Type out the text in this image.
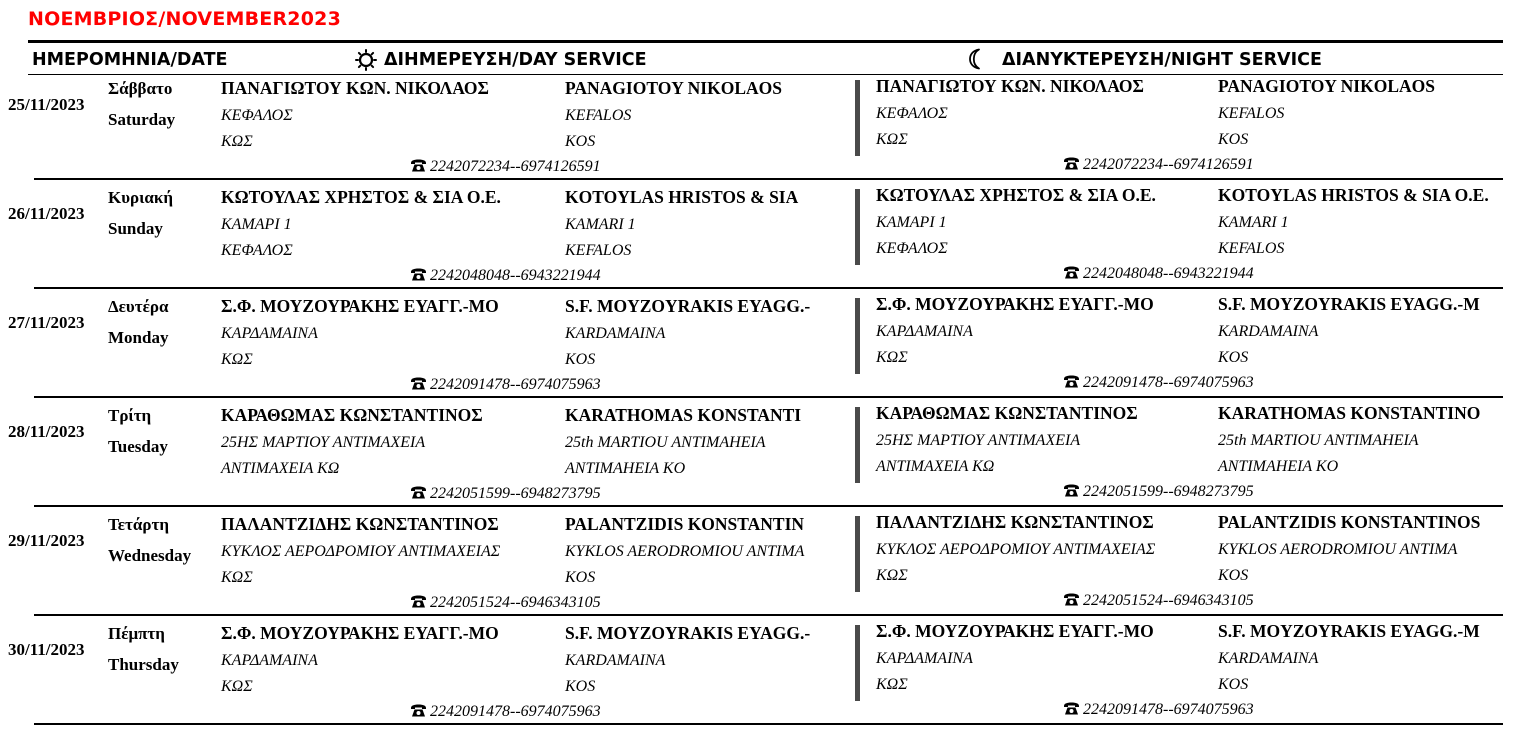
ΝΟΕΜΒΡΙΟΣ/NOVEMBER2023
ΗΜΕΡΟΜΗΝΙΑ/DATE	ΔΙΗΜΕΡΕΥΣΗ/DAY SERVICE	ΔΙΑΝΥΚΤΕΡΕΥΣΗ/NIGHT SERVICE
25/11/2023
Σάββατο
Saturday
ΠΑΝΑΓΙΩΤΟΥ ΚΩΝ. ΝΙΚΟΛΑΟΣ	PANAGIOTOY NIKOLAOS
ΚΕΦΑΛΟΣ	KEFALOS
ΚΩΣ	KOS
2242072234--6974126591
ΠΑΝΑΓΙΩΤΟΥ ΚΩΝ. ΝΙΚΟΛΑΟΣ	PANAGIOTOY NIKOLAOS
ΚΕΦΑΛΟΣ	KEFALOS
ΚΩΣ	KOS
2242072234--6974126591
26/11/2023
Κυριακή
Sunday
ΚΩΤΟΥΛΑΣ ΧΡΗΣΤΟΣ & ΣΙΑ Ο.Ε.	KOTOYLAS HRISTOS & SIA
ΚΑΜΑΡΙ 1	KAMARI 1
ΚΕΦΑΛΟΣ	KEFALOS
2242048048--6943221944
ΚΩΤΟΥΛΑΣ ΧΡΗΣΤΟΣ & ΣΙΑ Ο.Ε.	KOTOYLAS HRISTOS & SIA O.E.
ΚΑΜΑΡΙ 1	KAMARI 1
ΚΕΦΑΛΟΣ	KEFALOS
2242048048--6943221944
27/11/2023
Δευτέρα
Monday
Σ.Φ. ΜΟΥΖΟΥΡΑΚΗΣ ΕΥΑΓΓ.-ΜΟ	S.F. MOYZOYRAKIS EYAGG.-
ΚΑΡΔΑΜΑΙΝΑ	KARDAMAINA
ΚΩΣ	KOS
2242091478--6974075963
Σ.Φ. ΜΟΥΖΟΥΡΑΚΗΣ ΕΥΑΓΓ.-ΜΟ	S.F. MOYZOYRAKIS EYAGG.-M
ΚΑΡΔΑΜΑΙΝΑ	KARDAMAINA
ΚΩΣ	KOS
2242091478--6974075963
28/11/2023
Τρίτη
Tuesday
ΚΑΡΑΘΩΜΑΣ ΚΩΝΣΤΑΝΤΙΝΟΣ	KARATHOMAS KONSTANTI
25ΗΣ ΜΑΡΤΙΟΥ ΑΝΤΙΜΑΧΕΙΑ	25th MARTIOU ANTIMAHEIA
ΑΝΤΙΜΑΧΕΙΑ ΚΩ	ANTIMAHEIA KO
2242051599--6948273795
ΚΑΡΑΘΩΜΑΣ ΚΩΝΣΤΑΝΤΙΝΟΣ	KARATHOMAS KONSTANTINO
25ΗΣ ΜΑΡΤΙΟΥ ΑΝΤΙΜΑΧΕΙΑ	25th MARTIOU ANTIMAHEIA
ΑΝΤΙΜΑΧΕΙΑ ΚΩ	ANTIMAHEIA KO
2242051599--6948273795
29/11/2023
Τετάρτη
Wednesday
ΠΑΛΑΝΤΖΙΔΗΣ ΚΩΝΣΤΑΝΤΙΝΟΣ	PALANTZIDIS KONSTANTIN
ΚΥΚΛΟΣ ΑΕΡΟΔΡΟΜΙΟΥ ΑΝΤΙΜΑΧΕΙΑΣ	KYKLOS AERODROMIOU ANTIMA
ΚΩΣ	KOS
2242051524--6946343105
ΠΑΛΑΝΤΖΙΔΗΣ ΚΩΝΣΤΑΝΤΙΝΟΣ	PALANTZIDIS KONSTANTINOS
ΚΥΚΛΟΣ ΑΕΡΟΔΡΟΜΙΟΥ ΑΝΤΙΜΑΧΕΙΑΣ	KYKLOS AERODROMIOU ANTIMA
ΚΩΣ	KOS
2242051524--6946343105
30/11/2023
Πέμπτη
Thursday
Σ.Φ. ΜΟΥΖΟΥΡΑΚΗΣ ΕΥΑΓΓ.-ΜΟ	S.F. MOYZOYRAKIS EYAGG.-
ΚΑΡΔΑΜΑΙΝΑ	KARDAMAINA
ΚΩΣ	KOS
2242091478--6974075963
Σ.Φ. ΜΟΥΖΟΥΡΑΚΗΣ ΕΥΑΓΓ.-ΜΟ	S.F. MOYZOYRAKIS EYAGG.-M
ΚΑΡΔΑΜΑΙΝΑ	KARDAMAINA
ΚΩΣ	KOS
2242091478--6974075963
